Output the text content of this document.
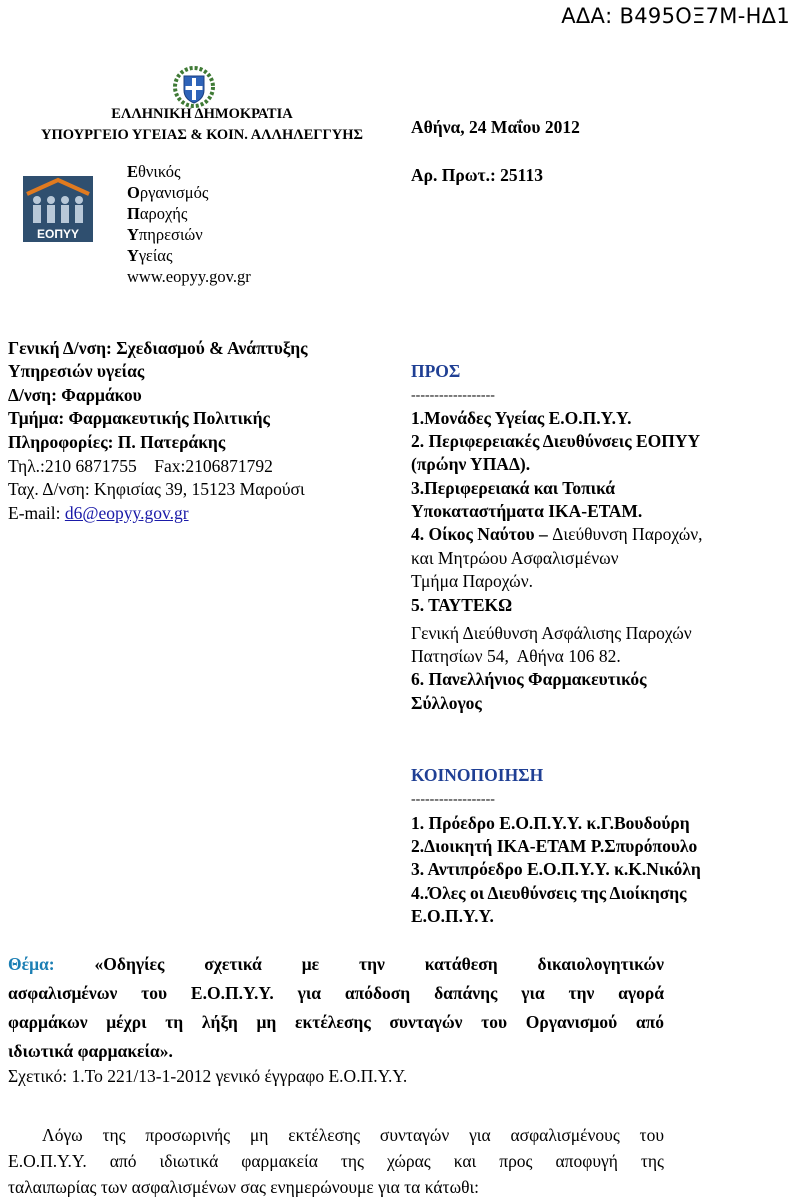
ΑΔΑ: Β495ΟΞ7Μ-ΗΔ1
ΕΛΛΗΝΙΚΗ ΔΗΜΟΚΡΑΤΙΑ
ΥΠΟΥΡΓΕΙΟ ΥΓΕΙΑΣ & ΚΟΙΝ. ΑΛΛΗΛΕΓΓΥΗΣ
ΕΟΠΥΥ
Εθνικός
Οργανισμός
Παροχής
Υπηρεσιών
Υγείας
www.eopyy.gov.gr
Αθήνα, 24 Μαΐου 2012
Αρ. Πρωτ.: 25113
Γενική Δ/νση: Σχεδιασμού & Ανάπτυξης
Υπηρεσιών υγείας
Δ/νση: Φαρμάκου
Τμήμα: Φαρμακευτικής Πολιτικής
Πληροφορίες: Π. Πατεράκης
Τηλ.:210 6871755    Fax:2106871792
Ταχ. Δ/νση: Κηφισίας 39, 15123 Μαρούσι
E-mail: d6@eopyy.gov.gr
ΠΡΟΣ
------------------
1.Μονάδες Υγείας Ε.Ο.Π.Υ.Υ.
2. Περιφερειακές Διευθύνσεις ΕΟΠΥΥ
(πρώην ΥΠΑΔ).
3.Περιφερειακά και Τοπικά
Υποκαταστήματα ΙΚΑ-ΕΤΑΜ.
4. Οίκος Ναύτου – Διεύθυνση Παροχών,
και Μητρώου Ασφαλισμένων
Τμήμα Παροχών.
5. ΤΑΥΤΕΚΩ
Γενική Διεύθυνση Ασφάλισης Παροχών
Πατησίων 54,  Αθήνα 106 82.
6. Πανελλήνιος Φαρμακευτικός
Σύλλογος
ΚΟΙΝΟΠΟΙΗΣΗ
------------------
1. Πρόεδρο Ε.Ο.Π.Υ.Υ. κ.Γ.Βουδούρη
2.Διοικητή ΙΚΑ-ΕΤΑΜ Ρ.Σπυρόπουλο
3. Αντιπρόεδρο Ε.Ο.Π.Υ.Υ. κ.Κ.Νικόλη
4..Όλες οι Διευθύνσεις της Διοίκησης
Ε.Ο.Π.Υ.Υ.
Θέμα: «Οδηγίες σχετικά με την κατάθεση δικαιολογητικών
ασφαλισμένων του Ε.Ο.Π.Υ.Υ. για απόδοση δαπάνης για την αγορά
φαρμάκων μέχρι τη λήξη μη εκτέλεσης συνταγών του Οργανισμού από
ιδιωτικά φαρμακεία».
Σχετικό: 1.Το 221/13-1-2012 γενικό έγγραφο Ε.Ο.Π.Υ.Υ.
Λόγω της προσωρινής μη εκτέλεσης συνταγών για ασφαλισμένους του
Ε.Ο.Π.Υ.Υ. από ιδιωτικά φαρμακεία της χώρας και προς αποφυγή της
ταλαιπωρίας των ασφαλισμένων σας ενημερώνουμε για τα κάτωθι:
